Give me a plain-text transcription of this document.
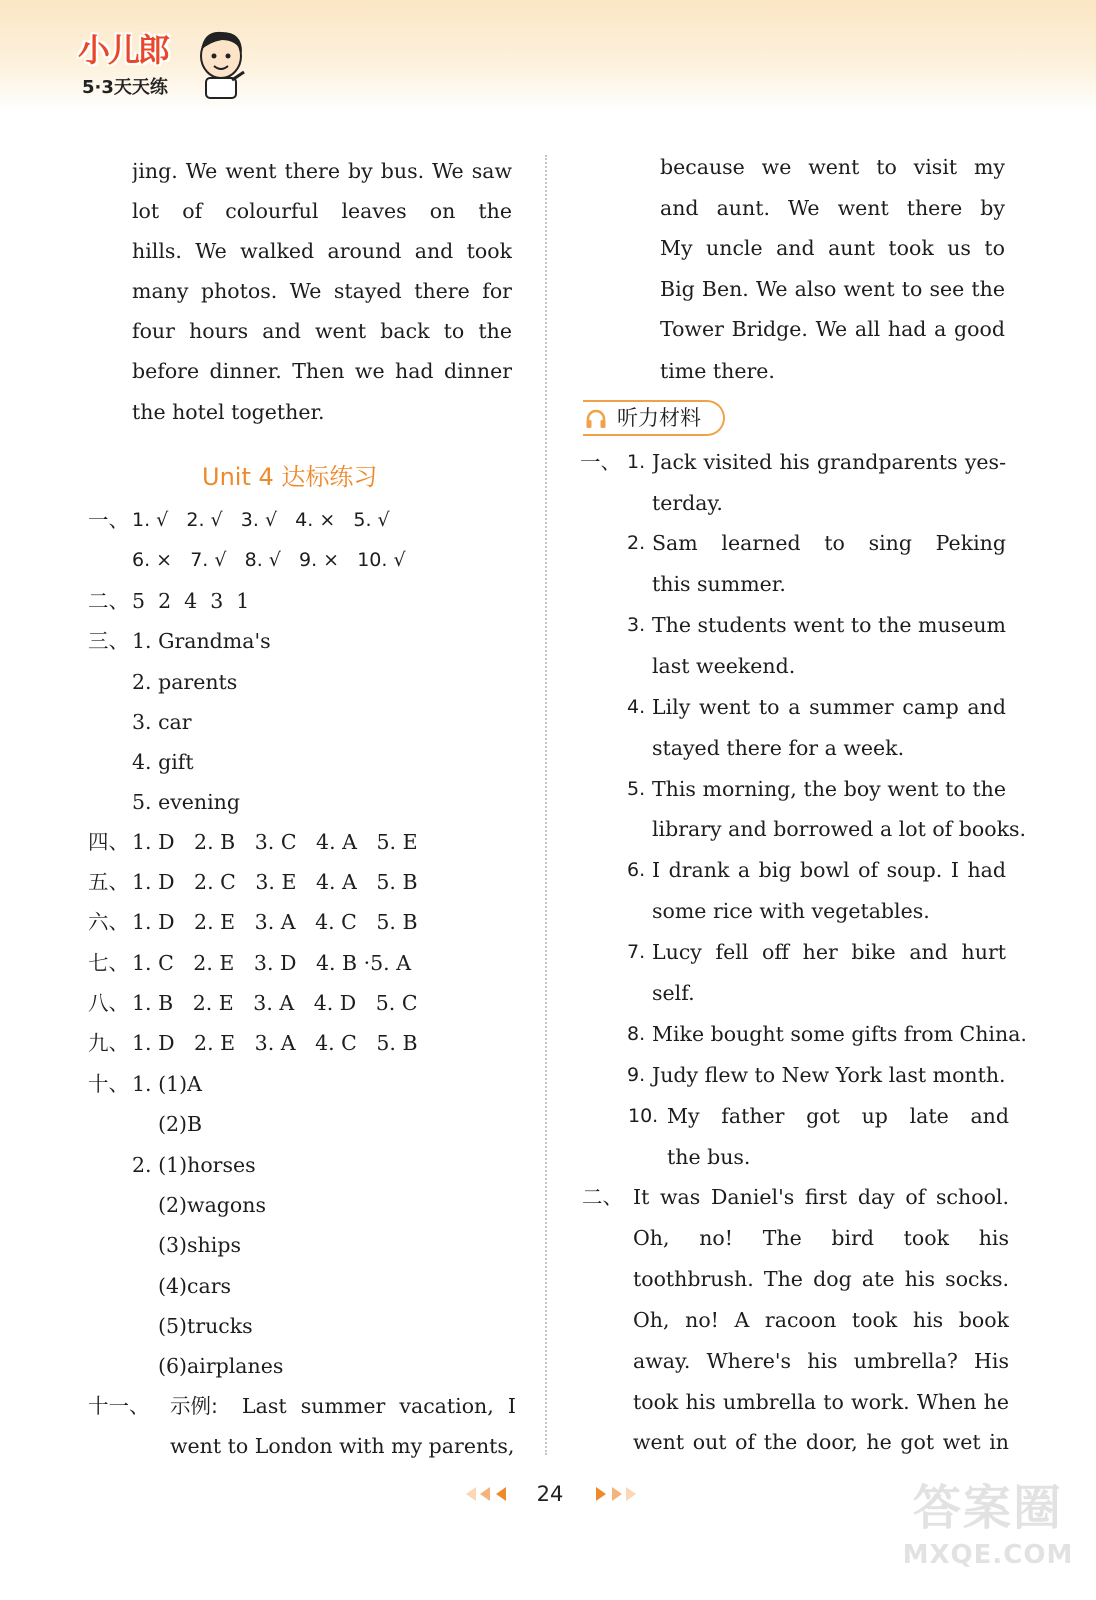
小儿郎
5·3天天练
jing. We went there by bus. We saw
lot of colourful leaves on the
hills. We walked around and took
many photos. We stayed there for
four hours and went back to the
before dinner. Then we had dinner
the hotel together.
Unit 4 达标练习
一、 1. √   2. √   3. √   4. ×   5. √
6. ×   7. √   8. √   9. ×   10. √
二、 5  2  4  3  1
三、 1. Grandma's
2. parents
3. car
4. gift
5. evening
四、 1. D   2. B   3. C   4. A   5. E
五、 1. D   2. C   3. E   4. A   5. B
六、 1. D   2. E   3. A   4. C   5. B
七、 1. C   2. E   3. D   4. B ·5. A
八、 1. B   2. E   3. A   4. D   5. C
九、 1. D   2. E   3. A   4. C   5. B
十、 1. (1)A
(2)B
2. (1)horses
(2)wagons
(3)ships
(4)cars
(5)trucks
(6)airplanes
十一、 示例: Last summer vacation, I
went to London with my parents,
because we went to visit my
and aunt. We went there by
My uncle and aunt took us to
Big Ben. We also went to see the
Tower Bridge. We all had a good
time there.
听力材料
一、 1. Jack visited his grandparents yes-
terday.
2. Sam learned to sing Peking
this summer.
3. The students went to the museum
last weekend.
4. Lily went to a summer camp and
stayed there for a week.
5. This morning, the boy went to the
library and borrowed a lot of books.
6. I drank a big bowl of soup. I had
some rice with vegetables.
7. Lucy fell off her bike and hurt
self.
8. Mike bought some gifts from China.
9. Judy flew to New York last month.
10. My father got up late and
the bus.
二、 It was Daniel's first day of school.
Oh, no! The bird took his
toothbrush. The dog ate his socks.
Oh, no! A racoon took his book
away. Where's his umbrella? His
took his umbrella to work. When he
went out of the door, he got wet in
24	答案圈
MXQE.COM
